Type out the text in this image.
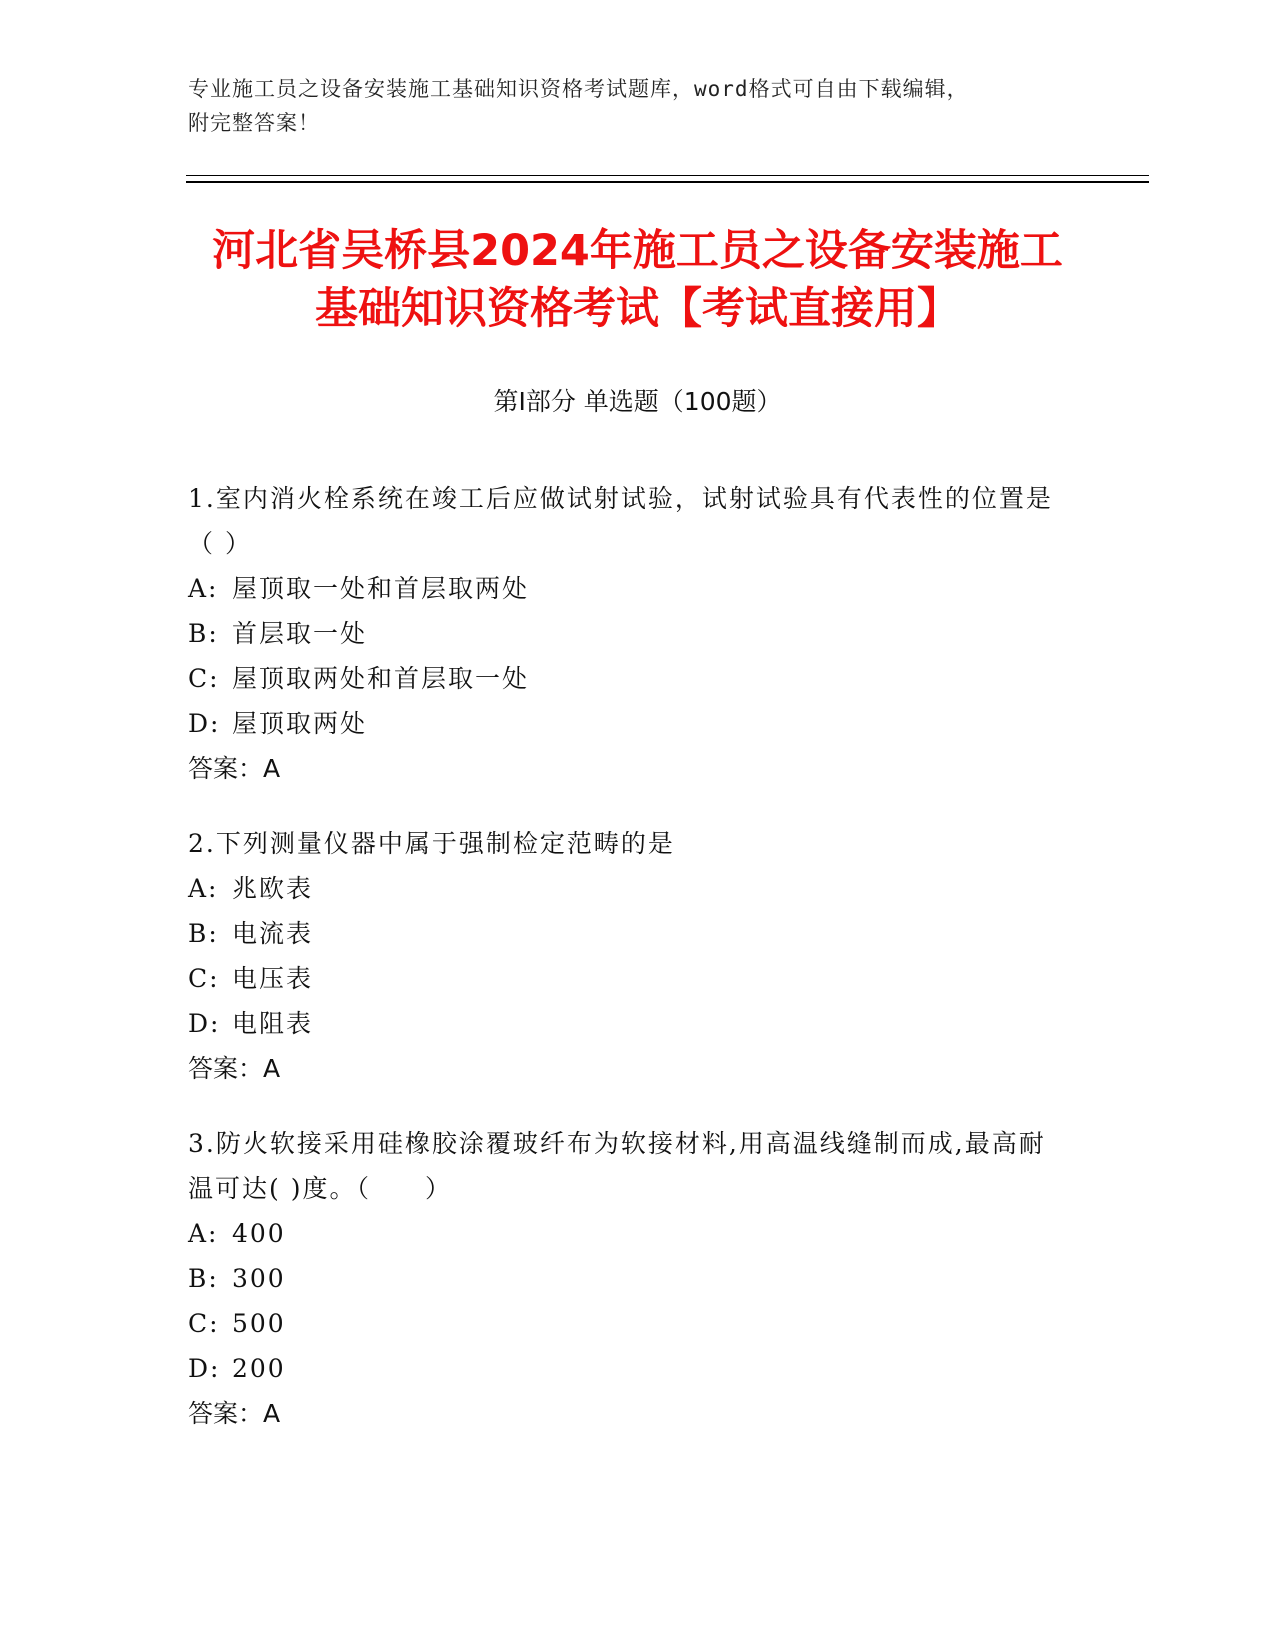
专业施工员之设备安装施工基础知识资格考试题库，word格式可自由下载编辑，
附完整答案！
河北省吴桥县2024年施工员之设备安装施工
基础知识资格考试【考试直接用】
第Ⅰ部分 单选题（100题）
1.室内消火栓系统在竣工后应做试射试验，试射试验具有代表性的位置是（ ）
A: 屋顶取一处和首层取两处
B: 首层取一处
C: 屋顶取两处和首层取一处
D: 屋顶取两处
答案：A
2.下列测量仪器中属于强制检定范畴的是
A: 兆欧表
B: 电流表
C: 电压表
D: 电阻表
答案：A
3.防火软接采用硅橡胶涂覆玻纤布为软接材料,用高温线缝制而成,最高耐温可达( )度。（　　）
A: 400
B: 300
C: 500
D: 200
答案：A
